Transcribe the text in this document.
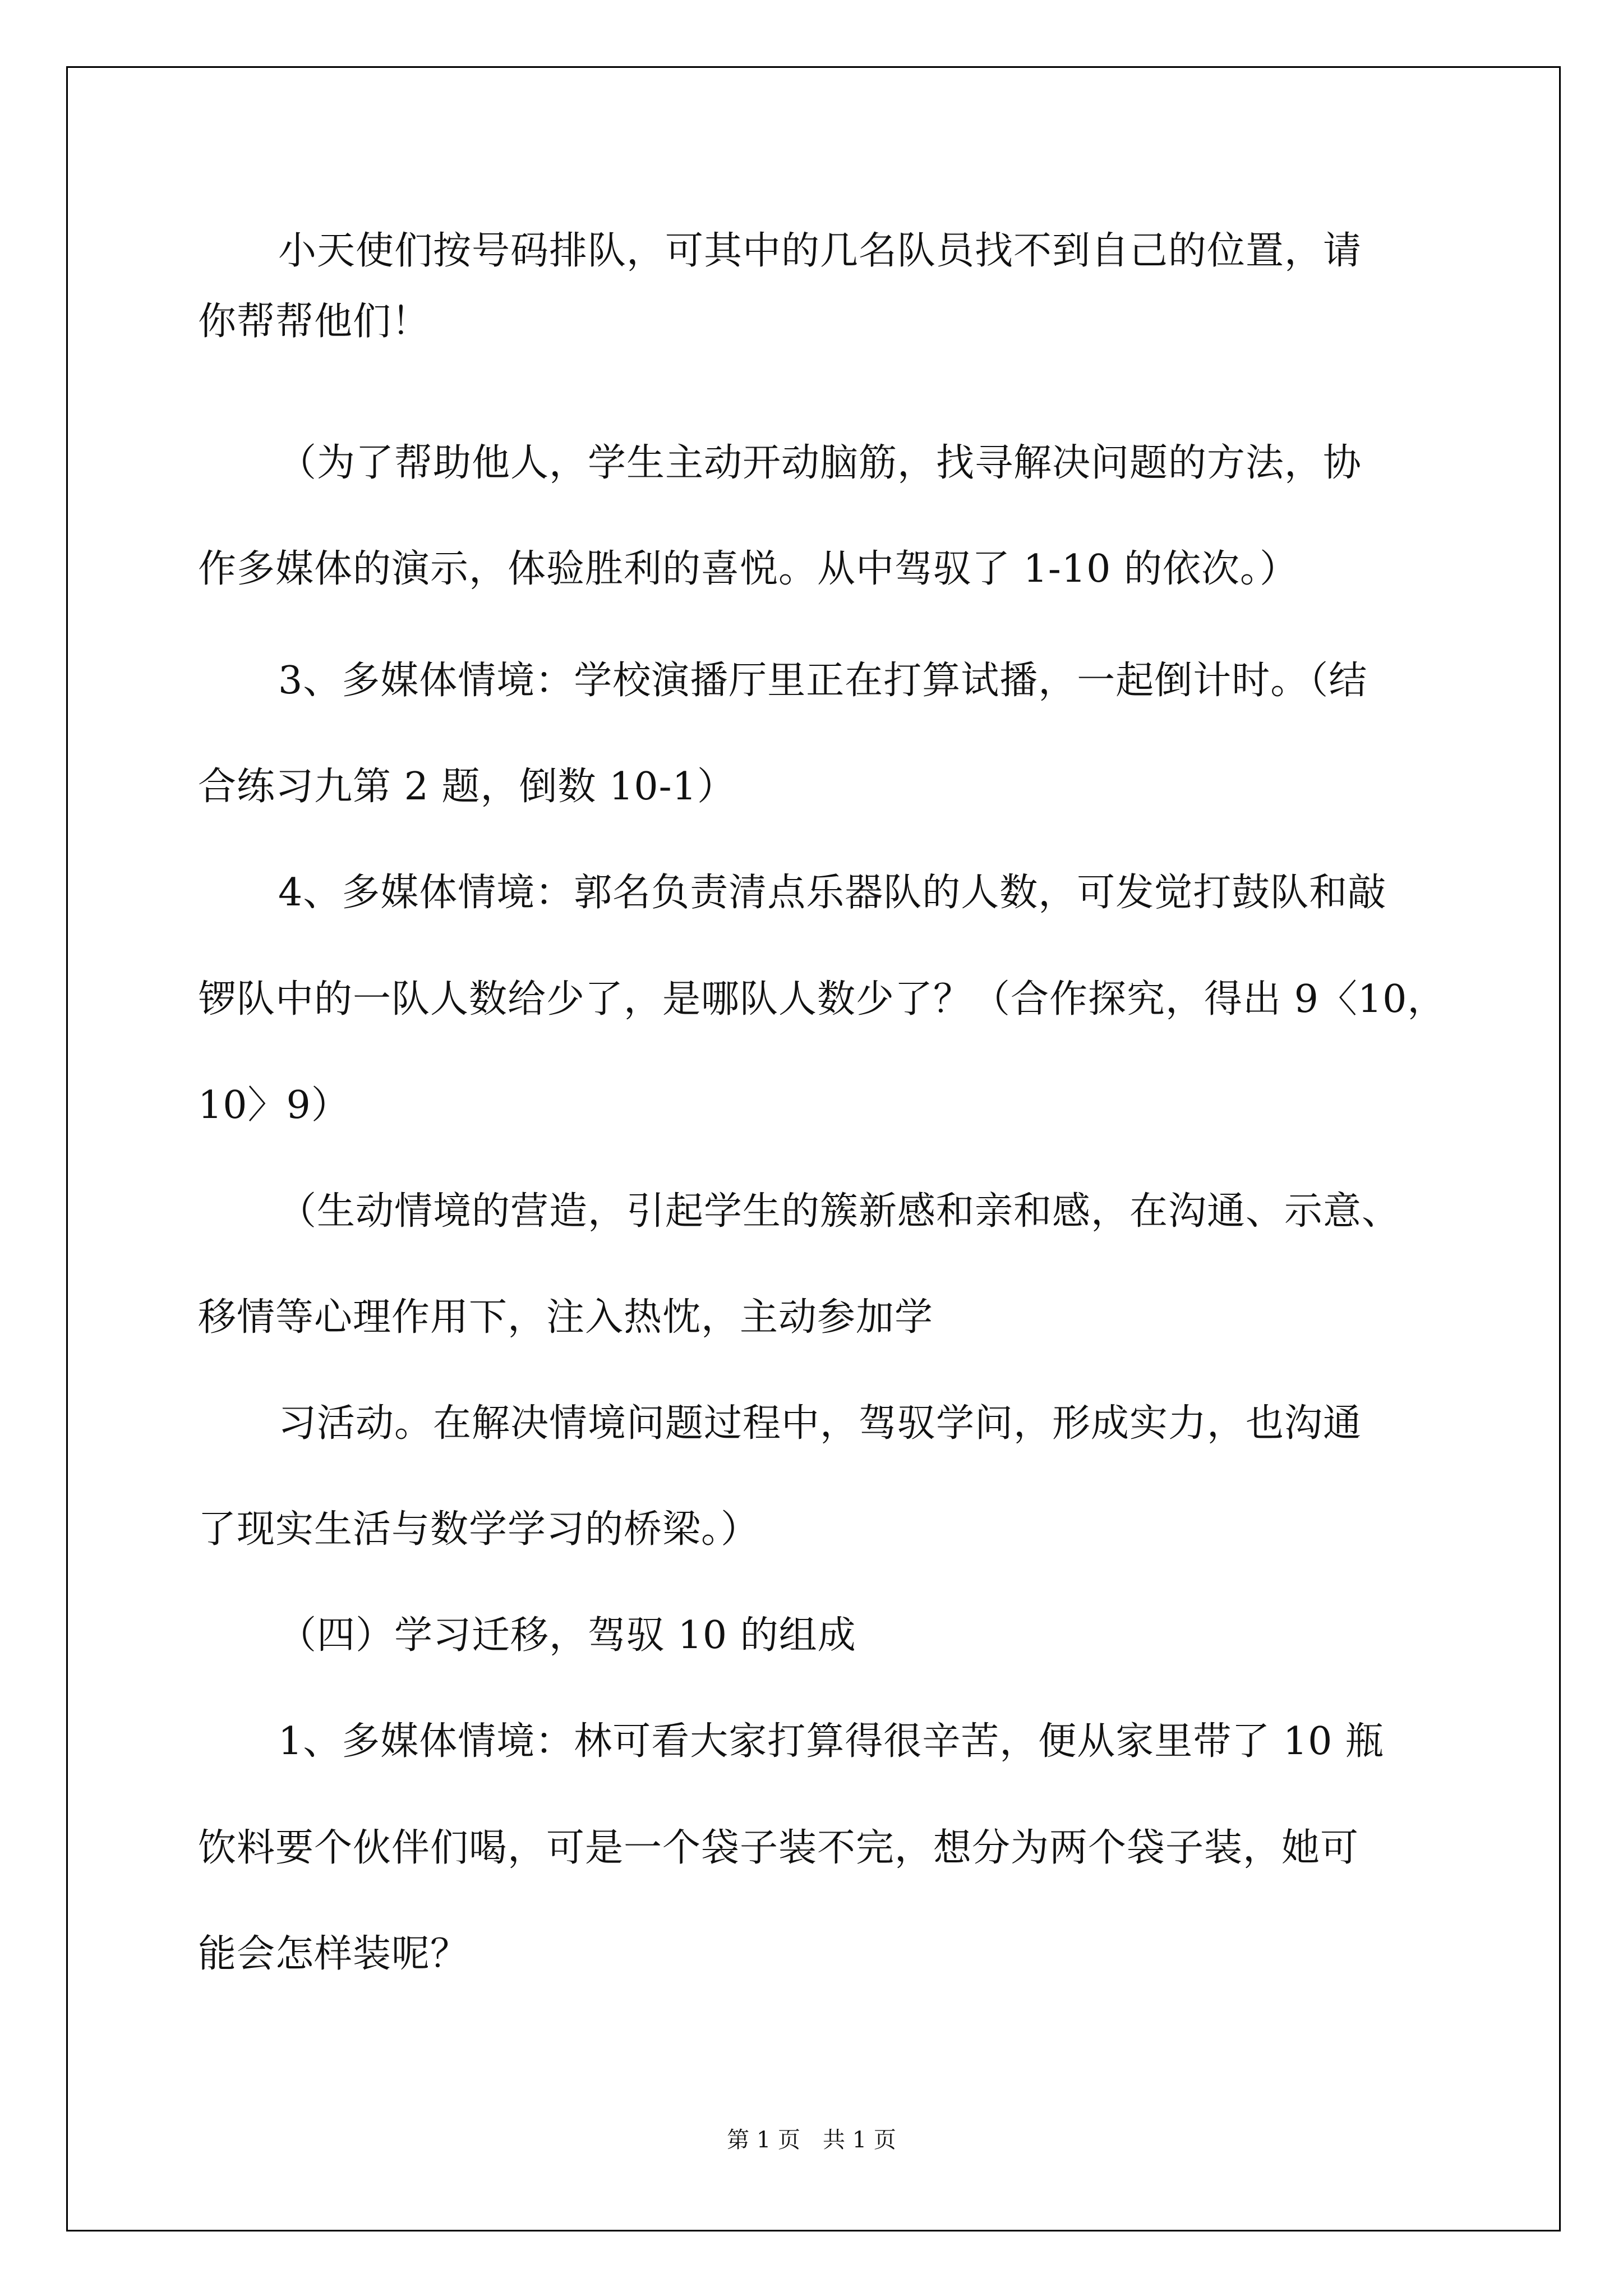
小天使们按号码排队，可其中的几名队员找不到自己的位置，请
你帮帮他们！
（为了帮助他人，学生主动开动脑筋，找寻解决问题的方法，协
作多媒体的演示，体验胜利的喜悦。从中驾驭了 1-10 的依次。）
3、多媒体情境：学校演播厅里正在打算试播，一起倒计时。（结
合练习九第 2 题，倒数 10-1）
4、多媒体情境：郭名负责清点乐器队的人数，可发觉打鼓队和敲
锣队中的一队人数给少了，是哪队人数少了？（合作探究，得出 9〈10，
10〉9）
（生动情境的营造，引起学生的簇新感和亲和感，在沟通、示意、
移情等心理作用下，注入热忱，主动参加学
习活动。在解决情境问题过程中，驾驭学问，形成实力，也沟通
了现实生活与数学学习的桥梁。）
（四）学习迁移，驾驭 10 的组成
1、多媒体情境：林可看大家打算得很辛苦，便从家里带了 10 瓶
饮料要个伙伴们喝，可是一个袋子装不完，想分为两个袋子装，她可
能会怎样装呢？
第 1 页　共 1 页
